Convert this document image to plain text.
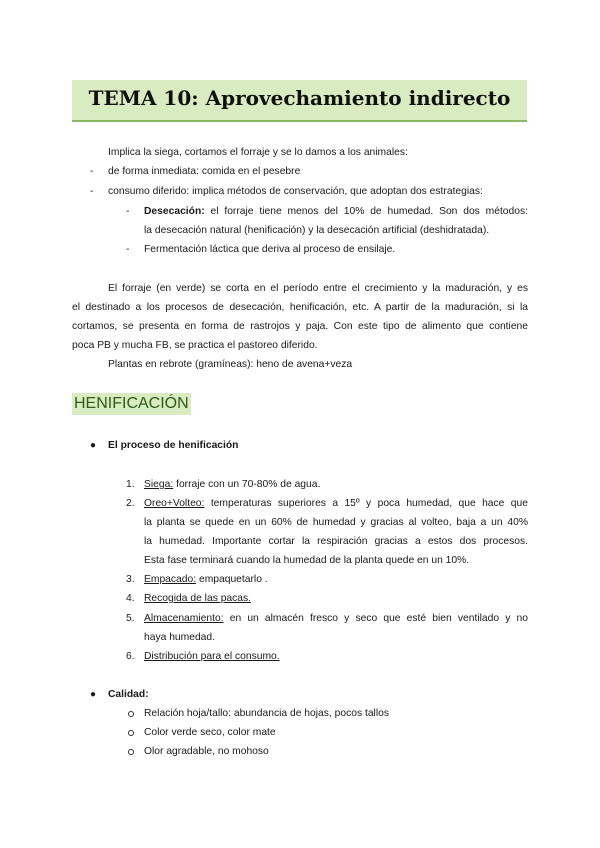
TEMA 10: Aprovechamiento indirecto
Implica la siega, cortamos el forraje y se lo damos a los animales:
- de forma inmediata: comida en el pesebre
- consumo diferido: implica métodos de conservación, que adoptan dos estrategias:
- Desecación: el forraje tiene menos del 10% de humedad. Son dos métodos:
la desecación natural (henificación) y la desecación artificial (deshidratada).
- Fermentación láctica que deriva al proceso de ensilaje.
El forraje (en verde) se corta en el período entre el crecimiento y la maduración, y es
el destinado a los procesos de desecación, henificación, etc. A partir de la maduración, si la
cortamos, se presenta en forma de rastrojos y paja. Con este tipo de alimento que contiene
poca PB y mucha FB, se practica el pastoreo diferido.
Plantas en rebrote (gramíneas): heno de avena+veza
HENIFICACIÓN
● El proceso de henificación
1. Siega: forraje con un 70-80% de agua.
2. Oreo+Volteo: temperaturas superiores a 15º y poca humedad, que hace que
la planta se quede en un 60% de humedad y gracias al volteo, baja a un 40%
la humedad. Importante cortar la respiración gracias a estos dos procesos.
Esta fase terminará cuando la humedad de la planta quede en un 10%.
3. Empacado: empaquetarlo .
4. Recogida de las pacas.
5. Almacenamiento: en un almacén fresco y seco que esté bien ventilado y no
haya humedad.
6. Distribución para el consumo.
● Calidad:
Relación hoja/tallo: abundancia de hojas, pocos tallos
Color verde seco, color mate
Olor agradable, no mohoso
